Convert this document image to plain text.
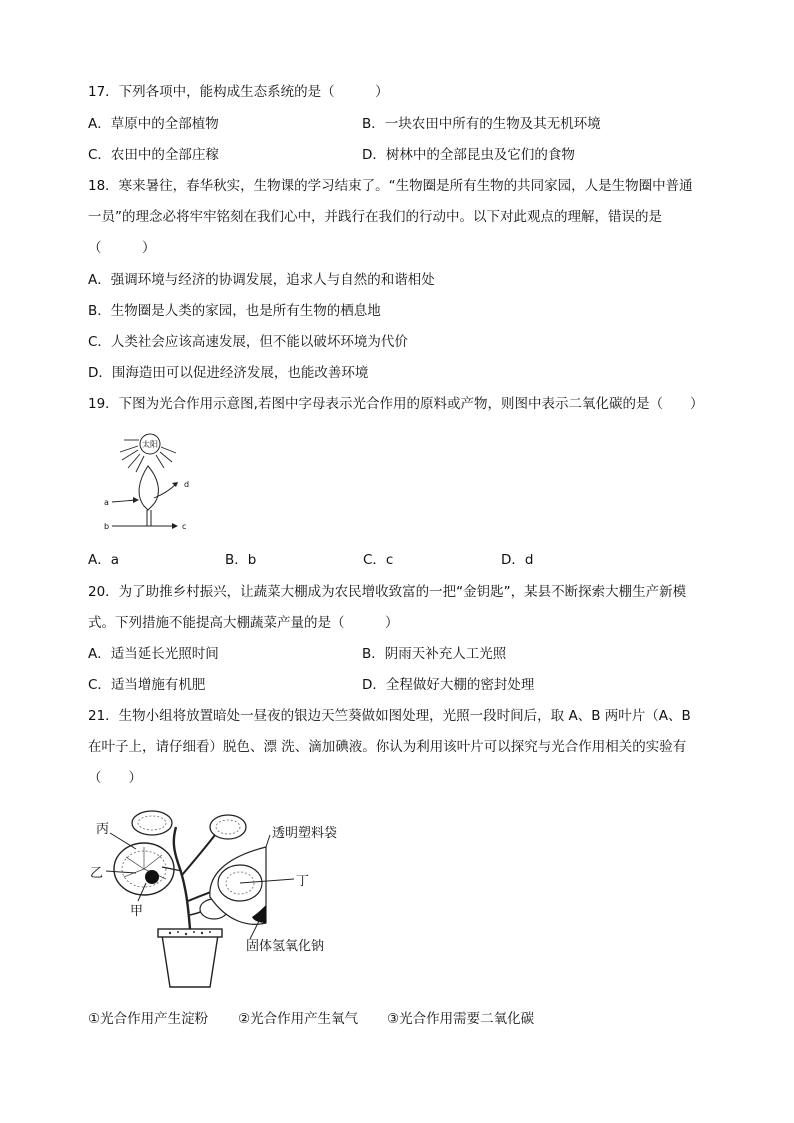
17．下列各项中，能构成生态系统的是（　　　）
A．草原中的全部植物	B．一块农田中所有的生物及其无机环境
C．农田中的全部庄稼	D．树林中的全部昆虫及它们的食物
18．寒来暑往，春华秋实，生物课的学习结束了。“生物圈是所有生物的共同家园，人是生物圈中普通
一员”的理念必将牢牢铭刻在我们心中，并践行在我们的行动中。以下对此观点的理解，错误的是
（　　　）
A．强调环境与经济的协调发展，追求人与自然的和谐相处
B．生物圈是人类的家园，也是所有生物的栖息地
C．人类社会应该高速发展，但不能以破坏环境为代价
D．围海造田可以促进经济发展，也能改善环境
19．下图为光合作用示意图,若图中字母表示光合作用的原料或产物，则图中表示二氧化碳的是（　　）
太阳
a
b	c
d
A．a	B．b	C．c	D．d
20．为了助推乡村振兴，让蔬菜大棚成为农民增收致富的一把“金钥匙”，某县不断探索大棚生产新模
式。下列措施不能提高大棚蔬菜产量的是（　　　）
A．适当延长光照时间	B．阴雨天补充人工光照
C．适当增施有机肥	D．全程做好大棚的密封处理
21．生物小组将放置暗处一昼夜的银边天竺葵做如图处理，光照一段时间后，取 A、B 两叶片（A、B
在叶子上，请仔细看）脱色、漂 洗、滴加碘液。你认为利用该叶片可以探究与光合作用相关的实验有
（　　）
丙
乙
甲
丁
透明塑料袋
固体氢氧化钠
①光合作用产生淀粉 ②光合作用产生氧气 ③光合作用需要二氧化碳
